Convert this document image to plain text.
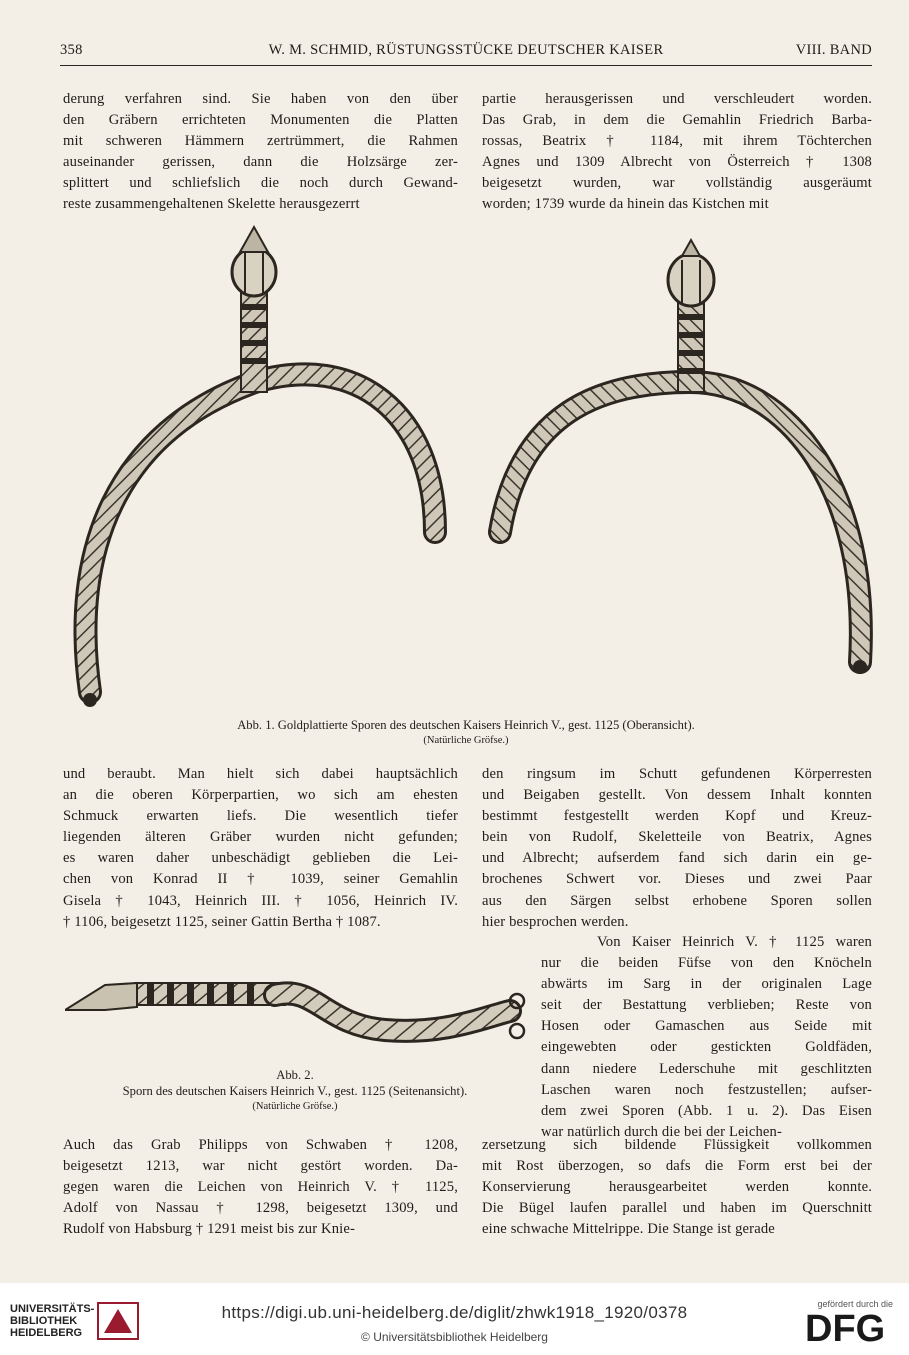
358	W. M. SCHMID, RÜSTUNGSSTÜCKE DEUTSCHER KAISER	VIII. BAND
derung verfahren sind. Sie haben von den über
den Gräbern errichteten Monumenten die Platten
mit schweren Hämmern zertrümmert, die Rahmen
auseinander gerissen, dann die Holzsärge zer-
splittert und schliefslich die noch durch Gewand-
reste zusammengehaltenen Skelette herausgezerrt
partie herausgerissen und verschleudert worden.
Das Grab, in dem die Gemahlin Friedrich Barba-
rossas, Beatrix † 1184, mit ihrem Töchterchen
Agnes und 1309 Albrecht von Österreich † 1308
beigesetzt wurden, war vollständig ausgeräumt
worden; 1739 wurde da hinein das Kistchen mit
Abb. 1. Goldplattierte Sporen des deutschen Kaisers Heinrich V., gest. 1125 (Oberansicht).
(Natürliche Gröfse.)
und beraubt. Man hielt sich dabei hauptsächlich
an die oberen Körperpartien, wo sich am ehesten
Schmuck erwarten liefs. Die wesentlich tiefer
liegenden älteren Gräber wurden nicht gefunden;
es waren daher unbeschädigt geblieben die Lei-
chen von Konrad II † 1039, seiner Gemahlin
Gisela † 1043, Heinrich III. † 1056, Heinrich IV.
† 1106, beigesetzt 1125, seiner Gattin Bertha † 1087.
den ringsum im Schutt gefundenen Körperresten
und Beigaben gestellt. Von dessem Inhalt konnten
bestimmt festgestellt werden Kopf und Kreuz-
bein von Rudolf, Skeletteile von Beatrix, Agnes
und Albrecht; aufserdem fand sich darin ein ge-
brochenes Schwert vor. Dieses und zwei Paar
aus den Särgen selbst erhobene Sporen sollen
hier besprochen werden.
Von Kaiser Heinrich V. † 1125 waren
nur die beiden Füfse von den Knöcheln
abwärts im Sarg in der originalen Lage
seit der Bestattung verblieben; Reste von
Hosen oder Gamaschen aus Seide mit
eingewebten oder gestickten Goldfäden,
dann niedere Lederschuhe mit geschlitzten
Laschen waren noch festzustellen; aufser-
dem zwei Sporen (Abb. 1 u. 2). Das Eisen
war natürlich durch die bei der Leichen-
Abb. 2.
Sporn des deutschen Kaisers Heinrich V., gest. 1125 (Seitenansicht).
(Natürliche Gröfse.)
Auch das Grab Philipps von Schwaben † 1208,
beigesetzt 1213, war nicht gestört worden. Da-
gegen waren die Leichen von Heinrich V. † 1125,
Adolf von Nassau † 1298, beigesetzt 1309, und
Rudolf von Habsburg † 1291 meist bis zur Knie-
zersetzung sich bildende Flüssigkeit vollkommen
mit Rost überzogen, so dafs die Form erst bei der
Konservierung herausgearbeitet werden konnte.
Die Bügel laufen parallel und haben im Querschnitt
eine schwache Mittelrippe. Die Stange ist gerade
UNIVERSITÄTS-
BIBLIOTHEK
HEIDELBERG
https://digi.ub.uni-heidelberg.de/diglit/zhwk1918_1920/0378
© Universitätsbibliothek Heidelberg
gefördert durch die
DFG
